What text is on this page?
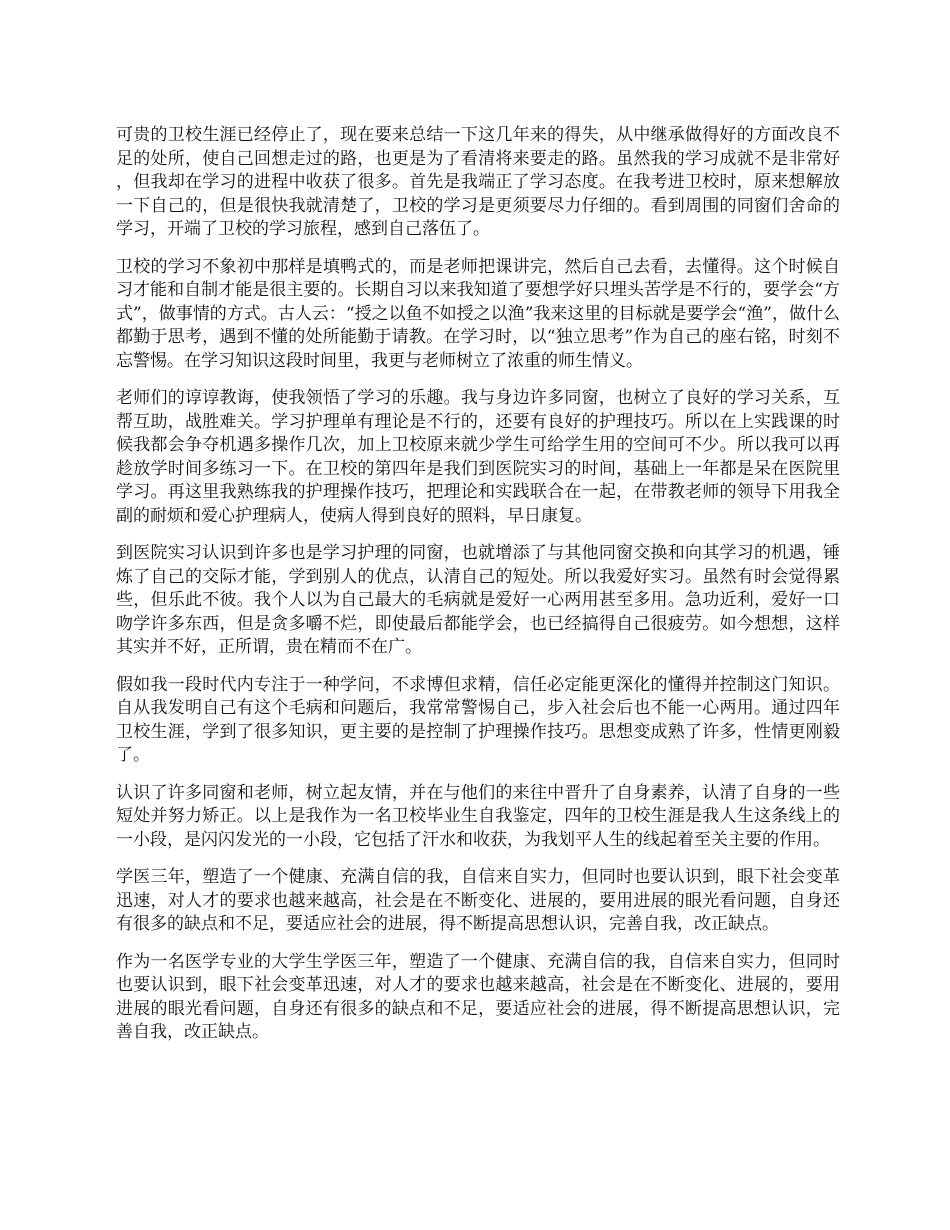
可贵的卫校生涯已经停止了，现在要来总结一下这几年来的得失，从中继承做得好的方面改良不足的处所，使自己回想走过的路，也更是为了看清将来要走的路。虽然我的学习成就不是非常好，但我却在学习的进程中收获了很多。首先是我端正了学习态度。在我考进卫校时，原来想解放一下自己的，但是很快我就清楚了，卫校的学习是更须要尽力仔细的。看到周围的同窗们舍命的学习，开端了卫校的学习旅程，感到自己落伍了。

卫校的学习不象初中那样是填鸭式的，而是老师把课讲完，然后自己去看，去懂得。这个时候自习才能和自制才能是很主要的。长期自习以来我知道了要想学好只埋头苦学是不行的，要学会“方式”，做事情的方式。古人云：“授之以鱼不如授之以渔”我来这里的目标就是要学会“渔”，做什么都勤于思考，遇到不懂的处所能勤于请教。在学习时，以“独立思考”作为自己的座右铭，时刻不忘警惕。在学习知识这段时间里，我更与老师树立了浓重的师生情义。

老师们的谆谆教诲，使我领悟了学习的乐趣。我与身边许多同窗，也树立了良好的学习关系，互帮互助，战胜难关。学习护理单有理论是不行的，还要有良好的护理技巧。所以在上实践课的时候我都会争夺机遇多操作几次，加上卫校原来就少学生可给学生用的空间可不少。所以我可以再趁放学时间多练习一下。在卫校的第四年是我们到医院实习的时间，基础上一年都是呆在医院里学习。再这里我熟练我的护理操作技巧，把理论和实践联合在一起，在带教老师的领导下用我全副的耐烦和爱心护理病人，使病人得到良好的照料，早日康复。

到医院实习认识到许多也是学习护理的同窗，也就增添了与其他同窗交换和向其学习的机遇，锤炼了自己的交际才能，学到别人的优点，认清自己的短处。所以我爱好实习。虽然有时会觉得累些，但乐此不彼。我个人以为自己最大的毛病就是爱好一心两用甚至多用。急功近利，爱好一口吻学许多东西，但是贪多嚼不烂，即使最后都能学会，也已经搞得自己很疲劳。如今想想，这样其实并不好，正所谓，贵在精而不在广。

假如我一段时代内专注于一种学问，不求博但求精，信任必定能更深化的懂得并控制这门知识。自从我发明自己有这个毛病和问题后，我常常警惕自己，步入社会后也不能一心两用。通过四年卫校生涯，学到了很多知识，更主要的是控制了护理操作技巧。思想变成熟了许多，性情更刚毅了。

认识了许多同窗和老师，树立起友情，并在与他们的来往中晋升了自身素养，认清了自身的一些短处并努力矫正。以上是我作为一名卫校毕业生自我鉴定，四年的卫校生涯是我人生这条线上的一小段，是闪闪发光的一小段，它包括了汗水和收获，为我划平人生的线起着至关主要的作用。

学医三年，塑造了一个健康、充满自信的我，自信来自实力，但同时也要认识到，眼下社会变革迅速，对人才的要求也越来越高，社会是在不断变化、进展的，要用进展的眼光看问题，自身还有很多的缺点和不足，要适应社会的进展，得不断提高思想认识，完善自我，改正缺点。

作为一名医学专业的大学生学医三年，塑造了一个健康、充满自信的我，自信来自实力，但同时也要认识到，眼下社会变革迅速，对人才的要求也越来越高，社会是在不断变化、进展的，要用进展的眼光看问题，自身还有很多的缺点和不足，要适应社会的进展，得不断提高思想认识，完善自我，改正缺点。
